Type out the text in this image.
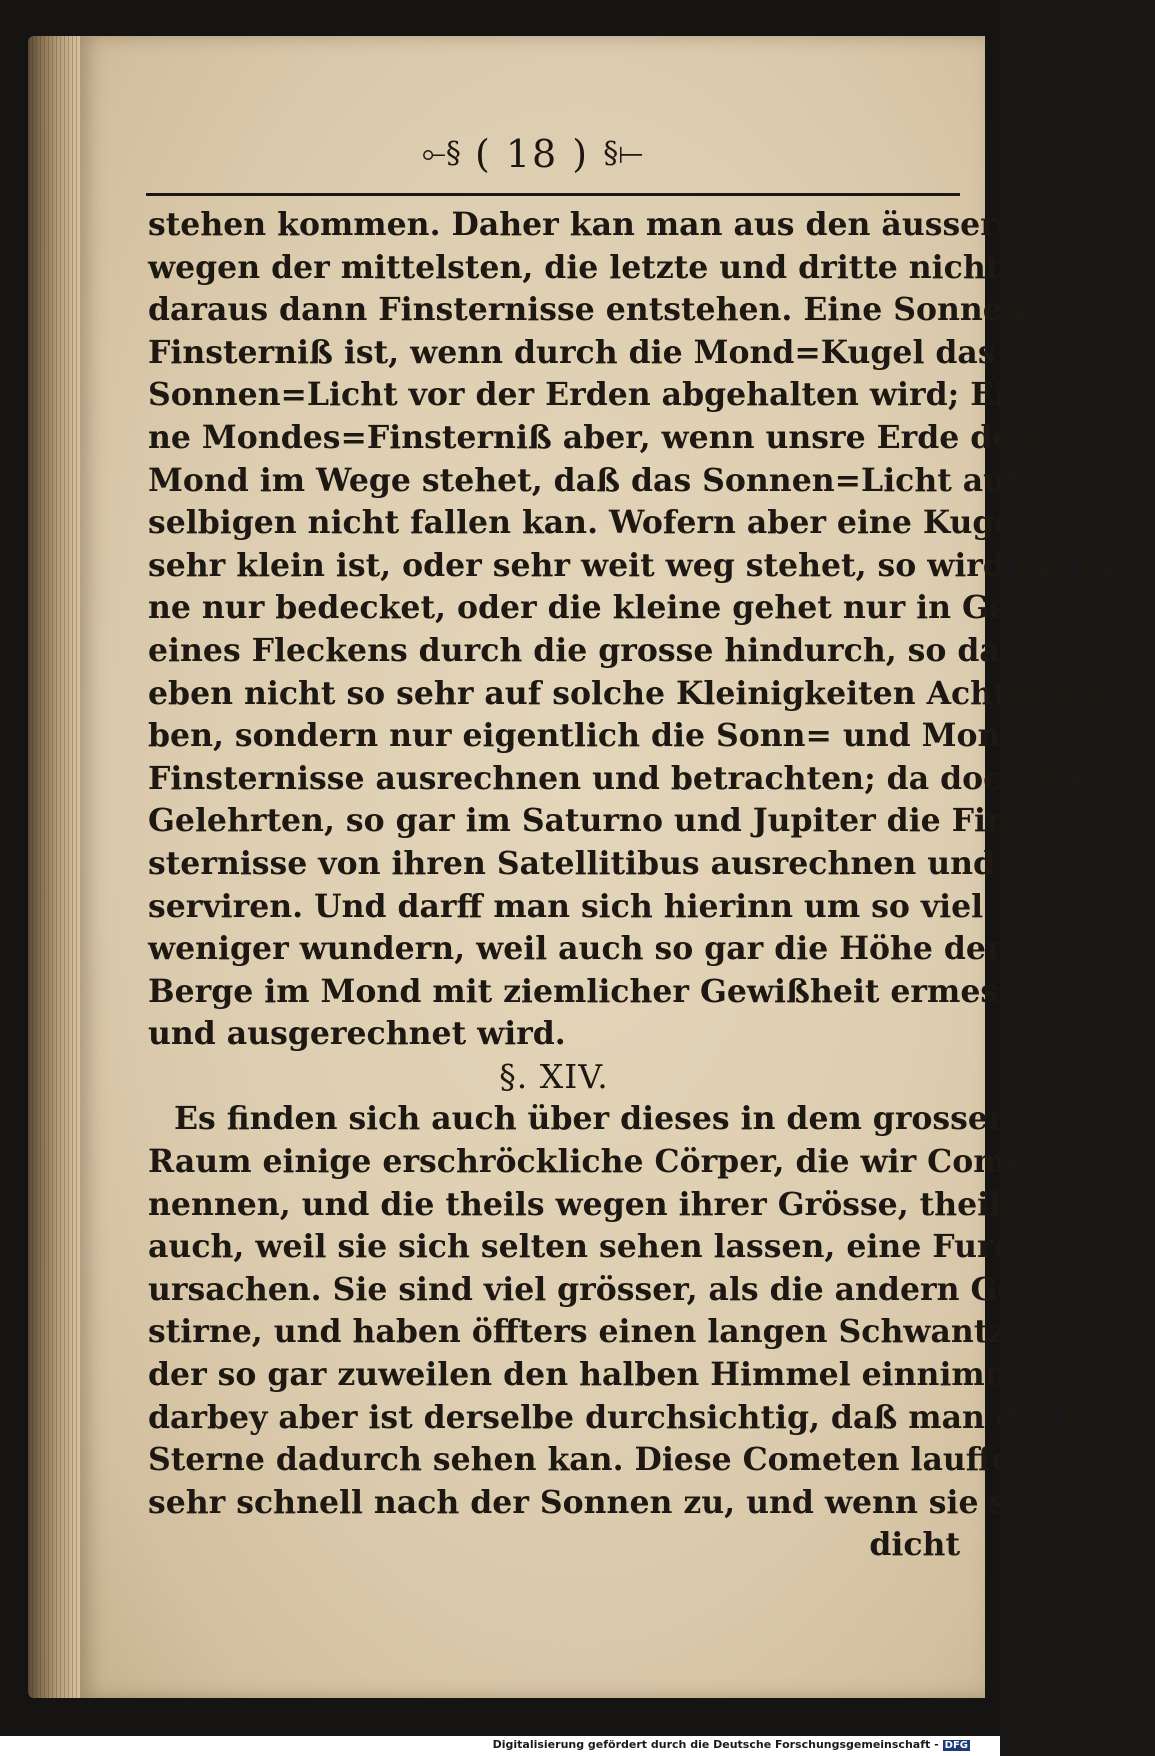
⟜§ ( 18 ) §⟝
stehen kommen. Daher kan man aus den äussersten,
wegen der mittelsten, die letzte und dritte nicht sehen,
daraus dann Finsternisse entstehen. Eine Sonnen=
Finsterniß ist, wenn durch die Mond=Kugel das
Sonnen=Licht vor der Erden abgehalten wird; Ei=
ne Mondes=Finsterniß aber, wenn unsre Erde dem
Mond im Wege stehet, daß das Sonnen=Licht auf
selbigen nicht fallen kan. Wofern aber eine Kugel
sehr klein ist, oder sehr weit weg stehet, so wird die ei=
ne nur bedecket, oder die kleine gehet nur in Gestalt
eines Fleckens durch die grosse hindurch, so daß wir
eben nicht so sehr auf solche Kleinigkeiten Achtung ge=
ben, sondern nur eigentlich die Sonn= und Mond=
Finsternisse ausrechnen und betrachten; da doch die
Gelehrten, so gar im Saturno und Jupiter die Fin=
sternisse von ihren Satellitibus ausrechnen und ob-
serviren. Und darff man sich hierinn um so viel
weniger wundern, weil auch so gar die Höhe der
Berge im Mond mit ziemlicher Gewißheit ermessen
und ausgerechnet wird.
§. XIV.
Es finden sich auch über dieses in dem grossen Welt=
Raum einige erschröckliche Cörper, die wir Cometen
nennen, und die theils wegen ihrer Grösse, theils
auch, weil sie sich selten sehen lassen, eine Furcht ver=
ursachen. Sie sind viel grösser, als die andern Ge=
stirne, und haben öffters einen langen Schwantz,
der so gar zuweilen den halben Himmel einnimmt,
darbey aber ist derselbe durchsichtig, daß man die Fix=
Sterne dadurch sehen kan. Diese Cometen lauffen
sehr schnell nach der Sonnen zu, und wenn sie sich
dicht
Digitalisierung gefördert durch die Deutsche Forschungsgemeinschaft - DFG
